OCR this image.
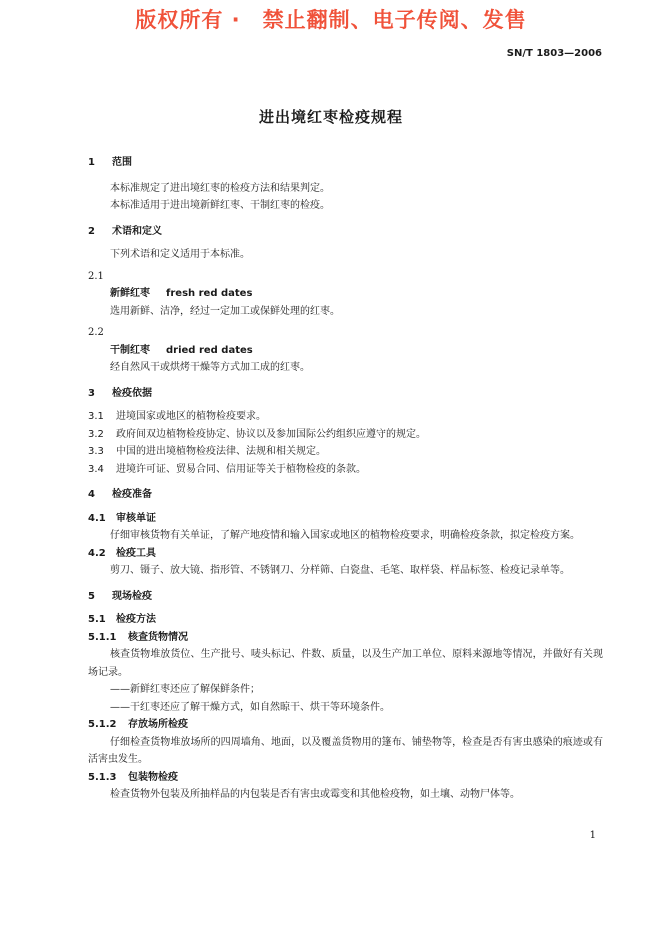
版权所有 ·　禁止翻制、电子传阅、发售
SN/T 1803—2006
进出境红枣检疫规程
1 范围
本标准规定了进出境红枣的检疫方法和结果判定。
本标准适用于进出境新鲜红枣、干制红枣的检疫。
2 术语和定义
下列术语和定义适用于本标准。
2.1
新鲜红枣 fresh red dates
选用新鲜、洁净，经过一定加工或保鲜处理的红枣。
2.2
干制红枣 dried red dates
经自然风干或烘烤干燥等方式加工成的红枣。
3 检疫依据
3.1 进境国家或地区的植物检疫要求。
3.2 政府间双边植物检疫协定、协议以及参加国际公约组织应遵守的规定。
3.3 中国的进出境植物检疫法律、法规和相关规定。
3.4 进境许可证、贸易合同、信用证等关于植物检疫的条款。
4 检疫准备
4.1 审核单证
仔细审核货物有关单证，了解产地疫情和输入国家或地区的植物检疫要求，明确检疫条款，拟定检疫方案。
4.2 检疫工具
剪刀、镊子、放大镜、指形管、不锈钢刀、分样筛、白瓷盘、毛笔、取样袋、样品标签、检疫记录单等。
5 现场检疫
5.1 检疫方法
5.1.1 核查货物情况
核查货物堆放货位、生产批号、唛头标记、件数、质量，以及生产加工单位、原料来源地等情况，并做好有关现场记录。
——新鲜红枣还应了解保鲜条件；
——干红枣还应了解干燥方式，如自然晾干、烘干等环境条件。
5.1.2 存放场所检疫
仔细检查货物堆放场所的四周墙角、地面，以及覆盖货物用的篷布、铺垫物等，检查是否有害虫感染的痕迹或有活害虫发生。
5.1.3 包装物检疫
检查货物外包装及所抽样品的内包装是否有害虫或霉变和其他检疫物，如土壤、动物尸体等。
1
